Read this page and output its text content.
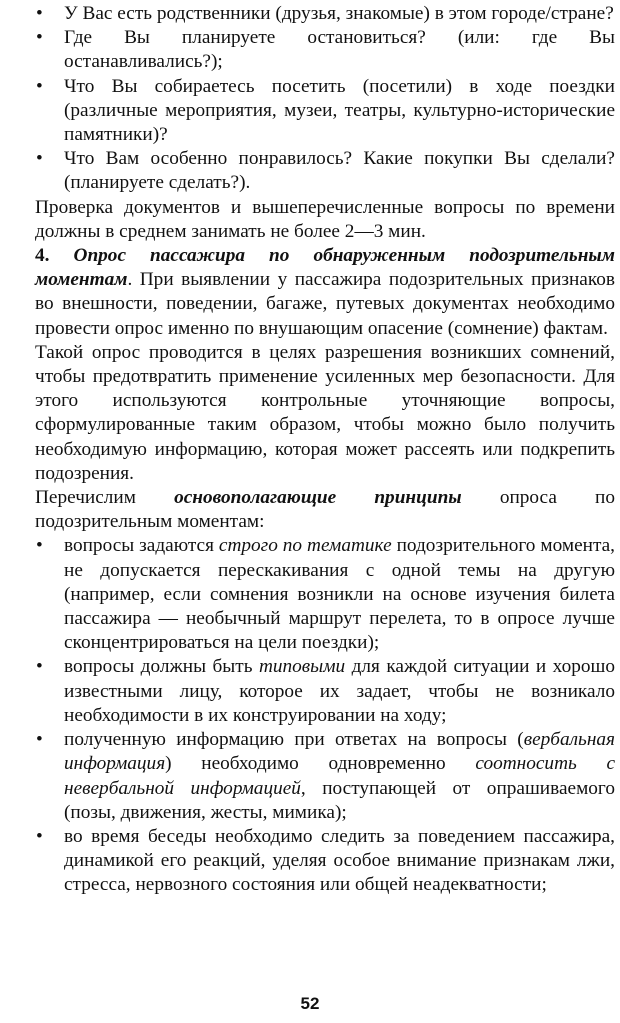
• У Вас есть родственники (друзья, знакомые) в этом городе/стране?
• Где Вы планируете остановиться? (или: где Вы останавливались?);
• Что Вы собираетесь посетить (посетили) в ходе поездки (различные мероприятия, музеи, театры, культурно-исторические памятники)?
• Что Вам особенно понравилось? Какие покупки Вы сделали? (планируете сделать?).

Проверка документов и вышеперечисленные вопросы по времени должны в среднем занимать не более 2—3 мин.

4. Опрос пассажира по обнаруженным подозрительным моментам. При выявлении у пассажира подозрительных признаков во внешности, поведении, багаже, путевых документах необходимо провести опрос именно по внушающим опасение (сомнение) фактам.

Такой опрос проводится в целях разрешения возникших сомнений, чтобы предотвратить применение усиленных мер безопасности. Для этого используются контрольные уточняющие вопросы, сформулированные таким образом, чтобы можно было получить необходимую информацию, которая может рассеять или подкрепить подозрения.

Перечислим основополагающие принципы опроса по подозрительным моментам:

• вопросы задаются строго по тематике подозрительного момента, не допускается перескакивания с одной темы на другую (например, если сомнения возникли на основе изучения билета пассажира — необычный маршрут перелета, то в опросе лучше сконцентрироваться на цели поездки);
• вопросы должны быть типовыми для каждой ситуации и хорошо известными лицу, которое их задает, чтобы не возникало необходимости в их конструировании на ходу;
• полученную информацию при ответах на вопросы (вербальная информация) необходимо одновременно соотносить с невербальной информацией, поступающей от опрашиваемого (позы, движения, жесты, мимика);
• во время беседы необходимо следить за поведением пассажира, динамикой его реакций, уделяя особое внимание признакам лжи, стресса, нервозного состояния или общей неадекватности;
52
